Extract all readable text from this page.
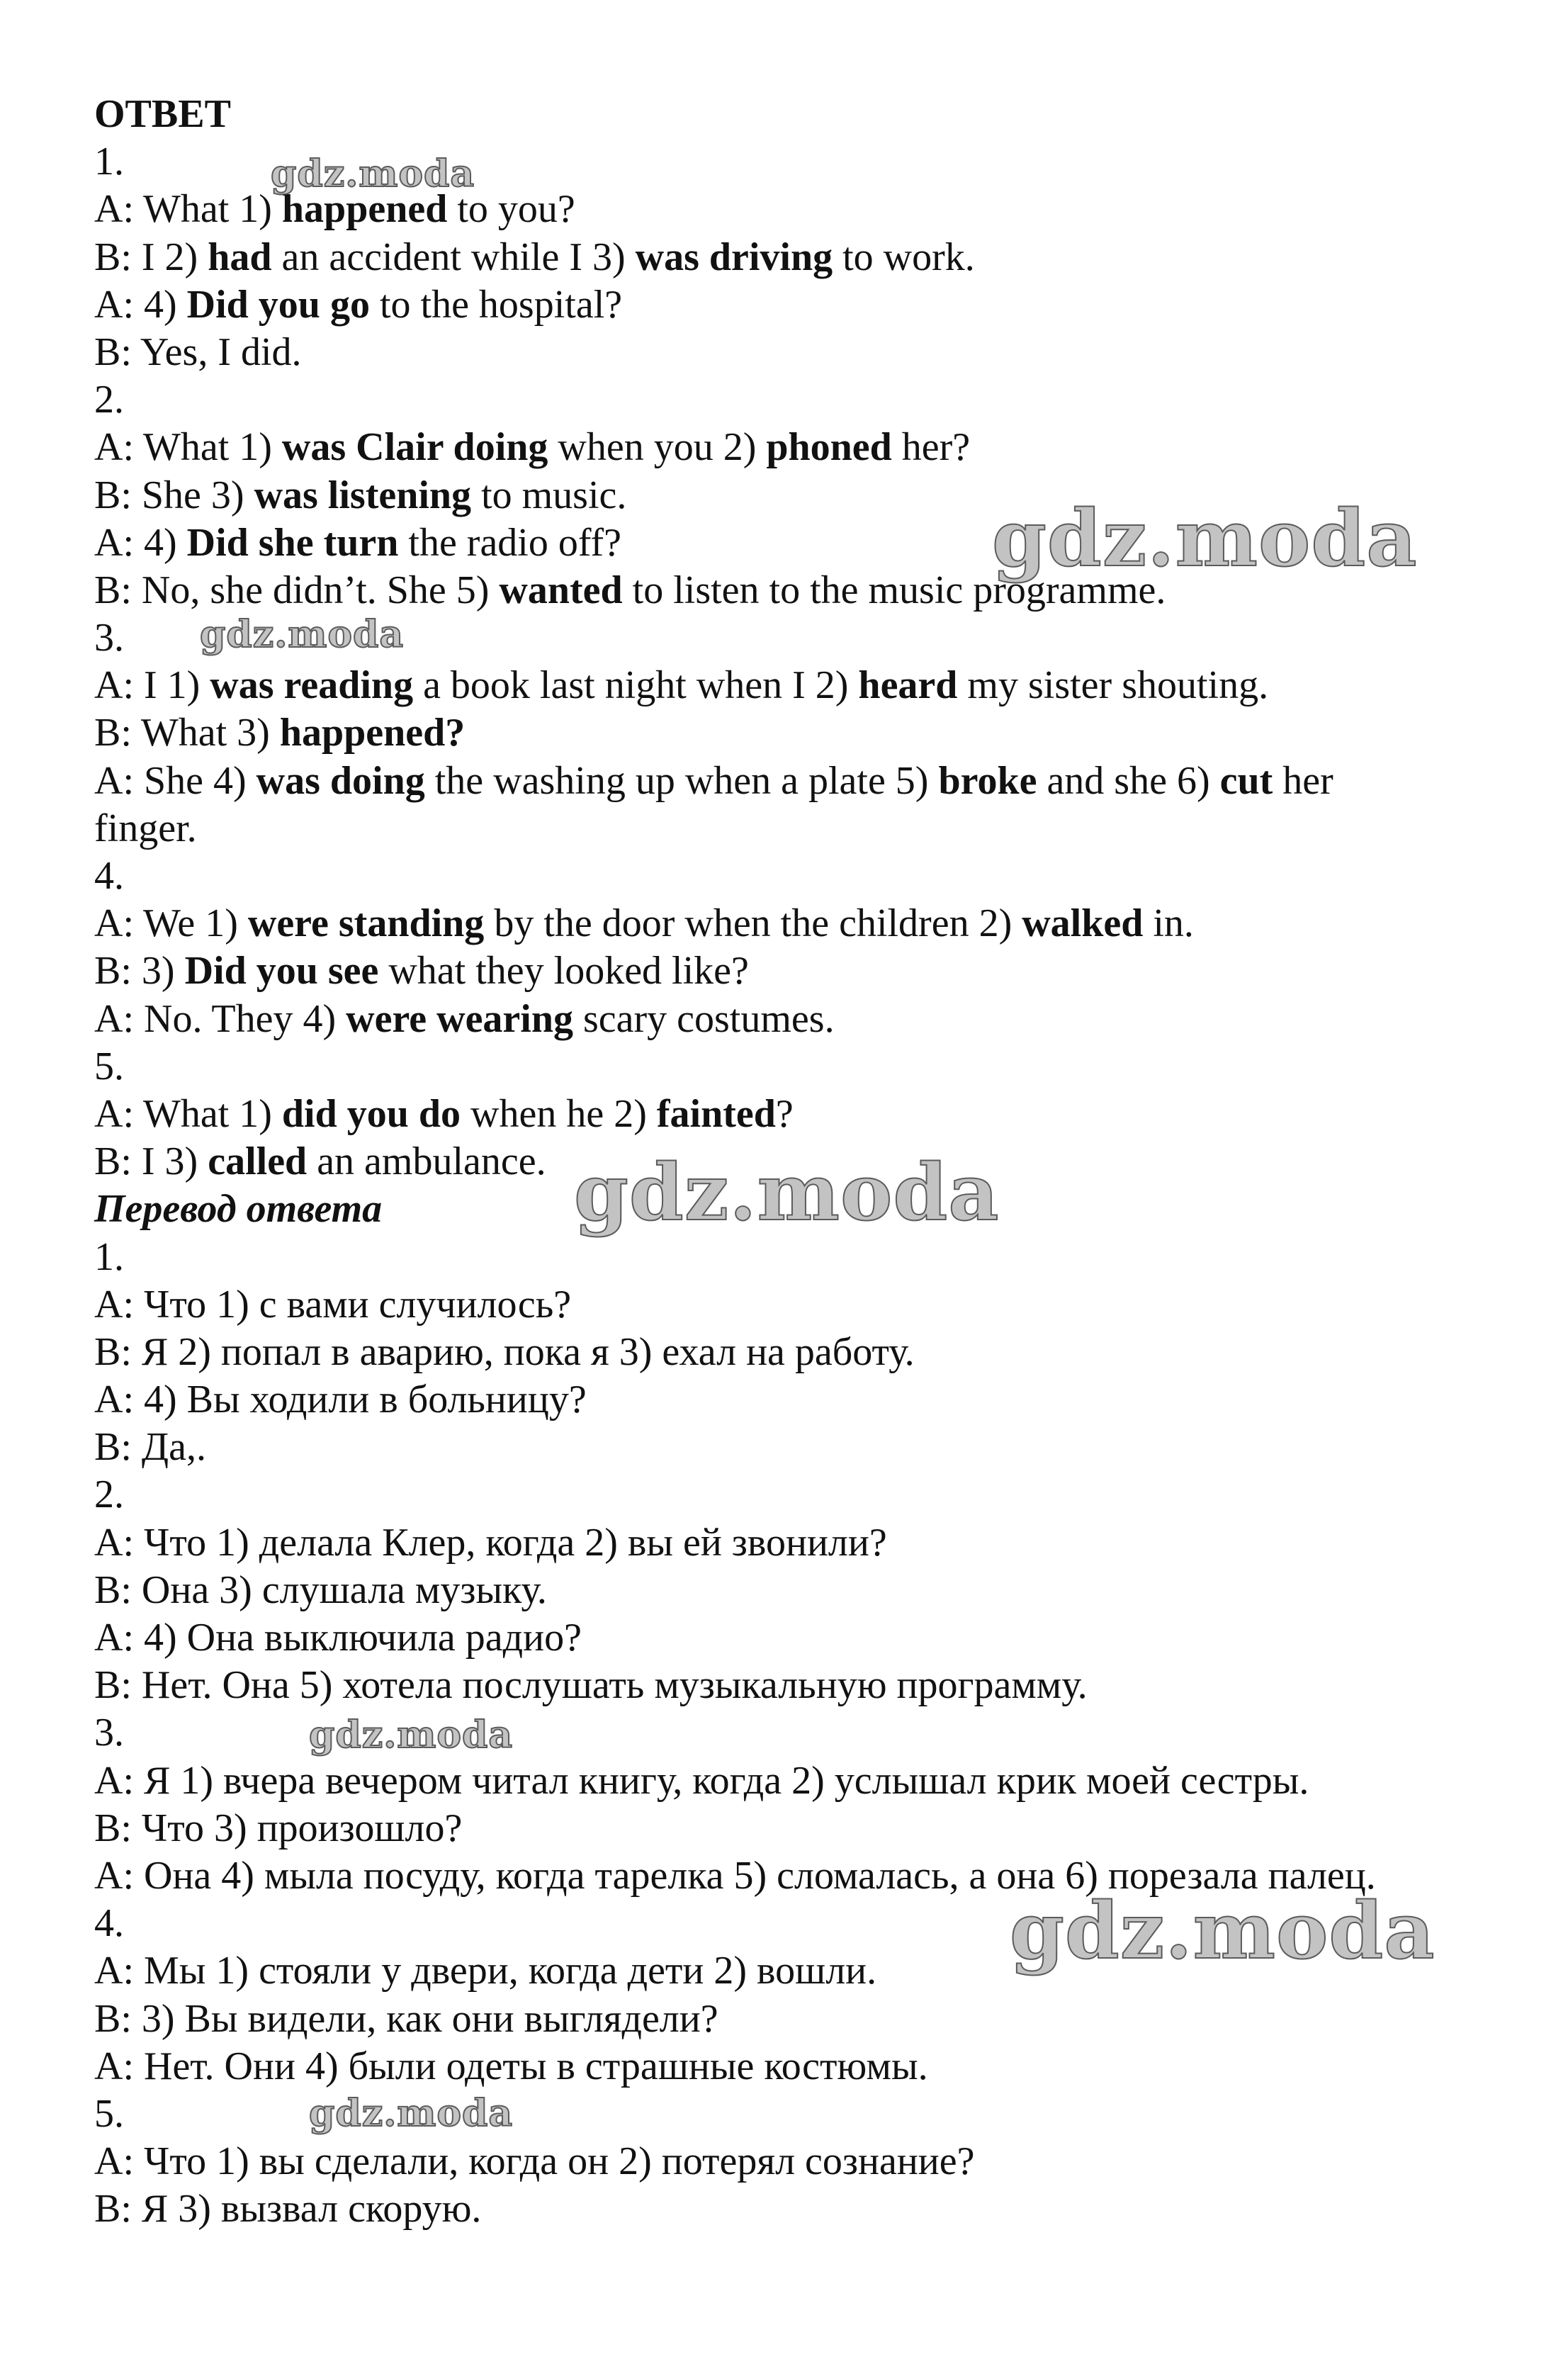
ОТВЕТ
1.
A: What 1) happened to you?
B: I 2) had an accident while I 3) was driving to work.
A: 4) Did you go to the hospital?
B: Yes, I did.
2.
A: What 1) was Clair doing when you 2) phoned her?
B: She 3) was listening to music.
A: 4) Did she turn the radio off?
B: No, she didn’t. She 5) wanted to listen to the music programme.
3.
A: I 1) was reading a book last night when I 2) heard my sister shouting.
B: What 3) happened?
A: She 4) was doing the washing up when a plate 5) broke and she 6) cut her
finger.
4.
A: We 1) were standing by the door when the children 2) walked in.
B: 3) Did you see what they looked like?
A: No. They 4) were wearing scary costumes.
5.
A: What 1) did you do when he 2) fainted?
B: I 3) called an ambulance.
Перевод ответа
1.
A: Что 1) с вами случилось?
B: Я 2) попал в аварию, пока я 3) ехал на работу.
A: 4) Вы ходили в больницу?
B: Да,.
2.
A: Что 1) делала Клер, когда 2) вы ей звонили?
B: Она 3) слушала музыку.
A: 4) Она выключила радио?
B: Нет. Она 5) хотела послушать музыкальную программу.
3.
A: Я 1) вчера вечером читал книгу, когда 2) услышал крик моей сестры.
B: Что 3) произошло?
A: Она 4) мыла посуду, когда тарелка 5) сломалась, а она 6) порезала палец.
4.
A: Мы 1) стояли у двери, когда дети 2) вошли.
B: 3) Вы видели, как они выглядели?
A: Нет. Они 4) были одеты в страшные костюмы.
5.
A: Что 1) вы сделали, когда он 2) потерял сознание?
B: Я 3) вызвал скорую.
gdz.moda
gdz.moda
gdz.moda
gdz.moda
gdz.moda
gdz.moda
gdz.moda
